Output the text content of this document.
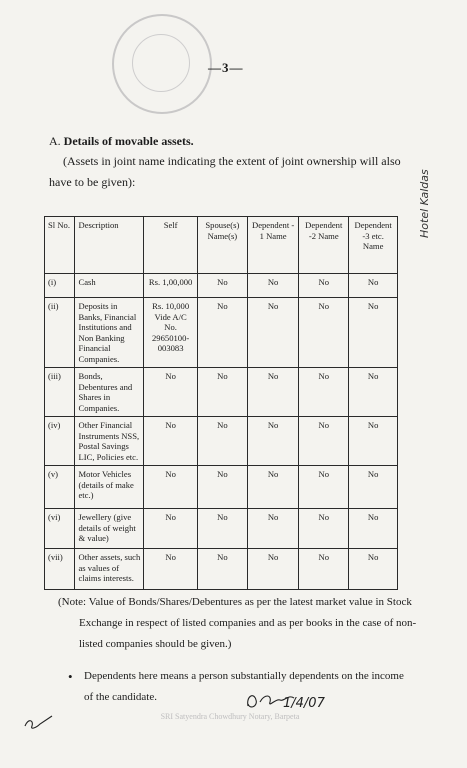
—3—
A. Details of movable assets.
(Assets in joint name indicating the extent of joint ownership will also have to be given):	Hotel Kaldas
Sl No.	Description	Self	Spouse(s) Name(s)	Dependent - 1 Name	Dependent -2 Name	Dependent -3 etc. Name
(i)	Cash	Rs. 1,00,000	No	No	No	No
(ii)	Deposits in Banks, Financial Institutions and Non Banking Financial Companies.	Rs. 10,000 Vide A/C No. 29650100-003083	No	No	No	No
(iii)	Bonds, Debentures and Shares in Companies.	No	No	No	No	No
(iv)	Other Financial Instruments NSS, Postal Savings LIC, Policies etc.	No	No	No	No	No
(v)	Motor Vehicles (details of make etc.)	No	No	No	No	No
(vi)	Jewellery (give details of weight & value)	No	No	No	No	No
(vii)	Other assets, such as values of claims interests.	No	No	No	No	No
(Note: Value of Bonds/Shares/Debentures as per the latest market value in Stock
Exchange in respect of listed companies and as per books in the case of non-listed companies should be given.)
•	Dependents here means a person substantially dependents on the income of the candidate.	1/4/07
SRI Satyendra Chowdhury Notary, Barpeta
